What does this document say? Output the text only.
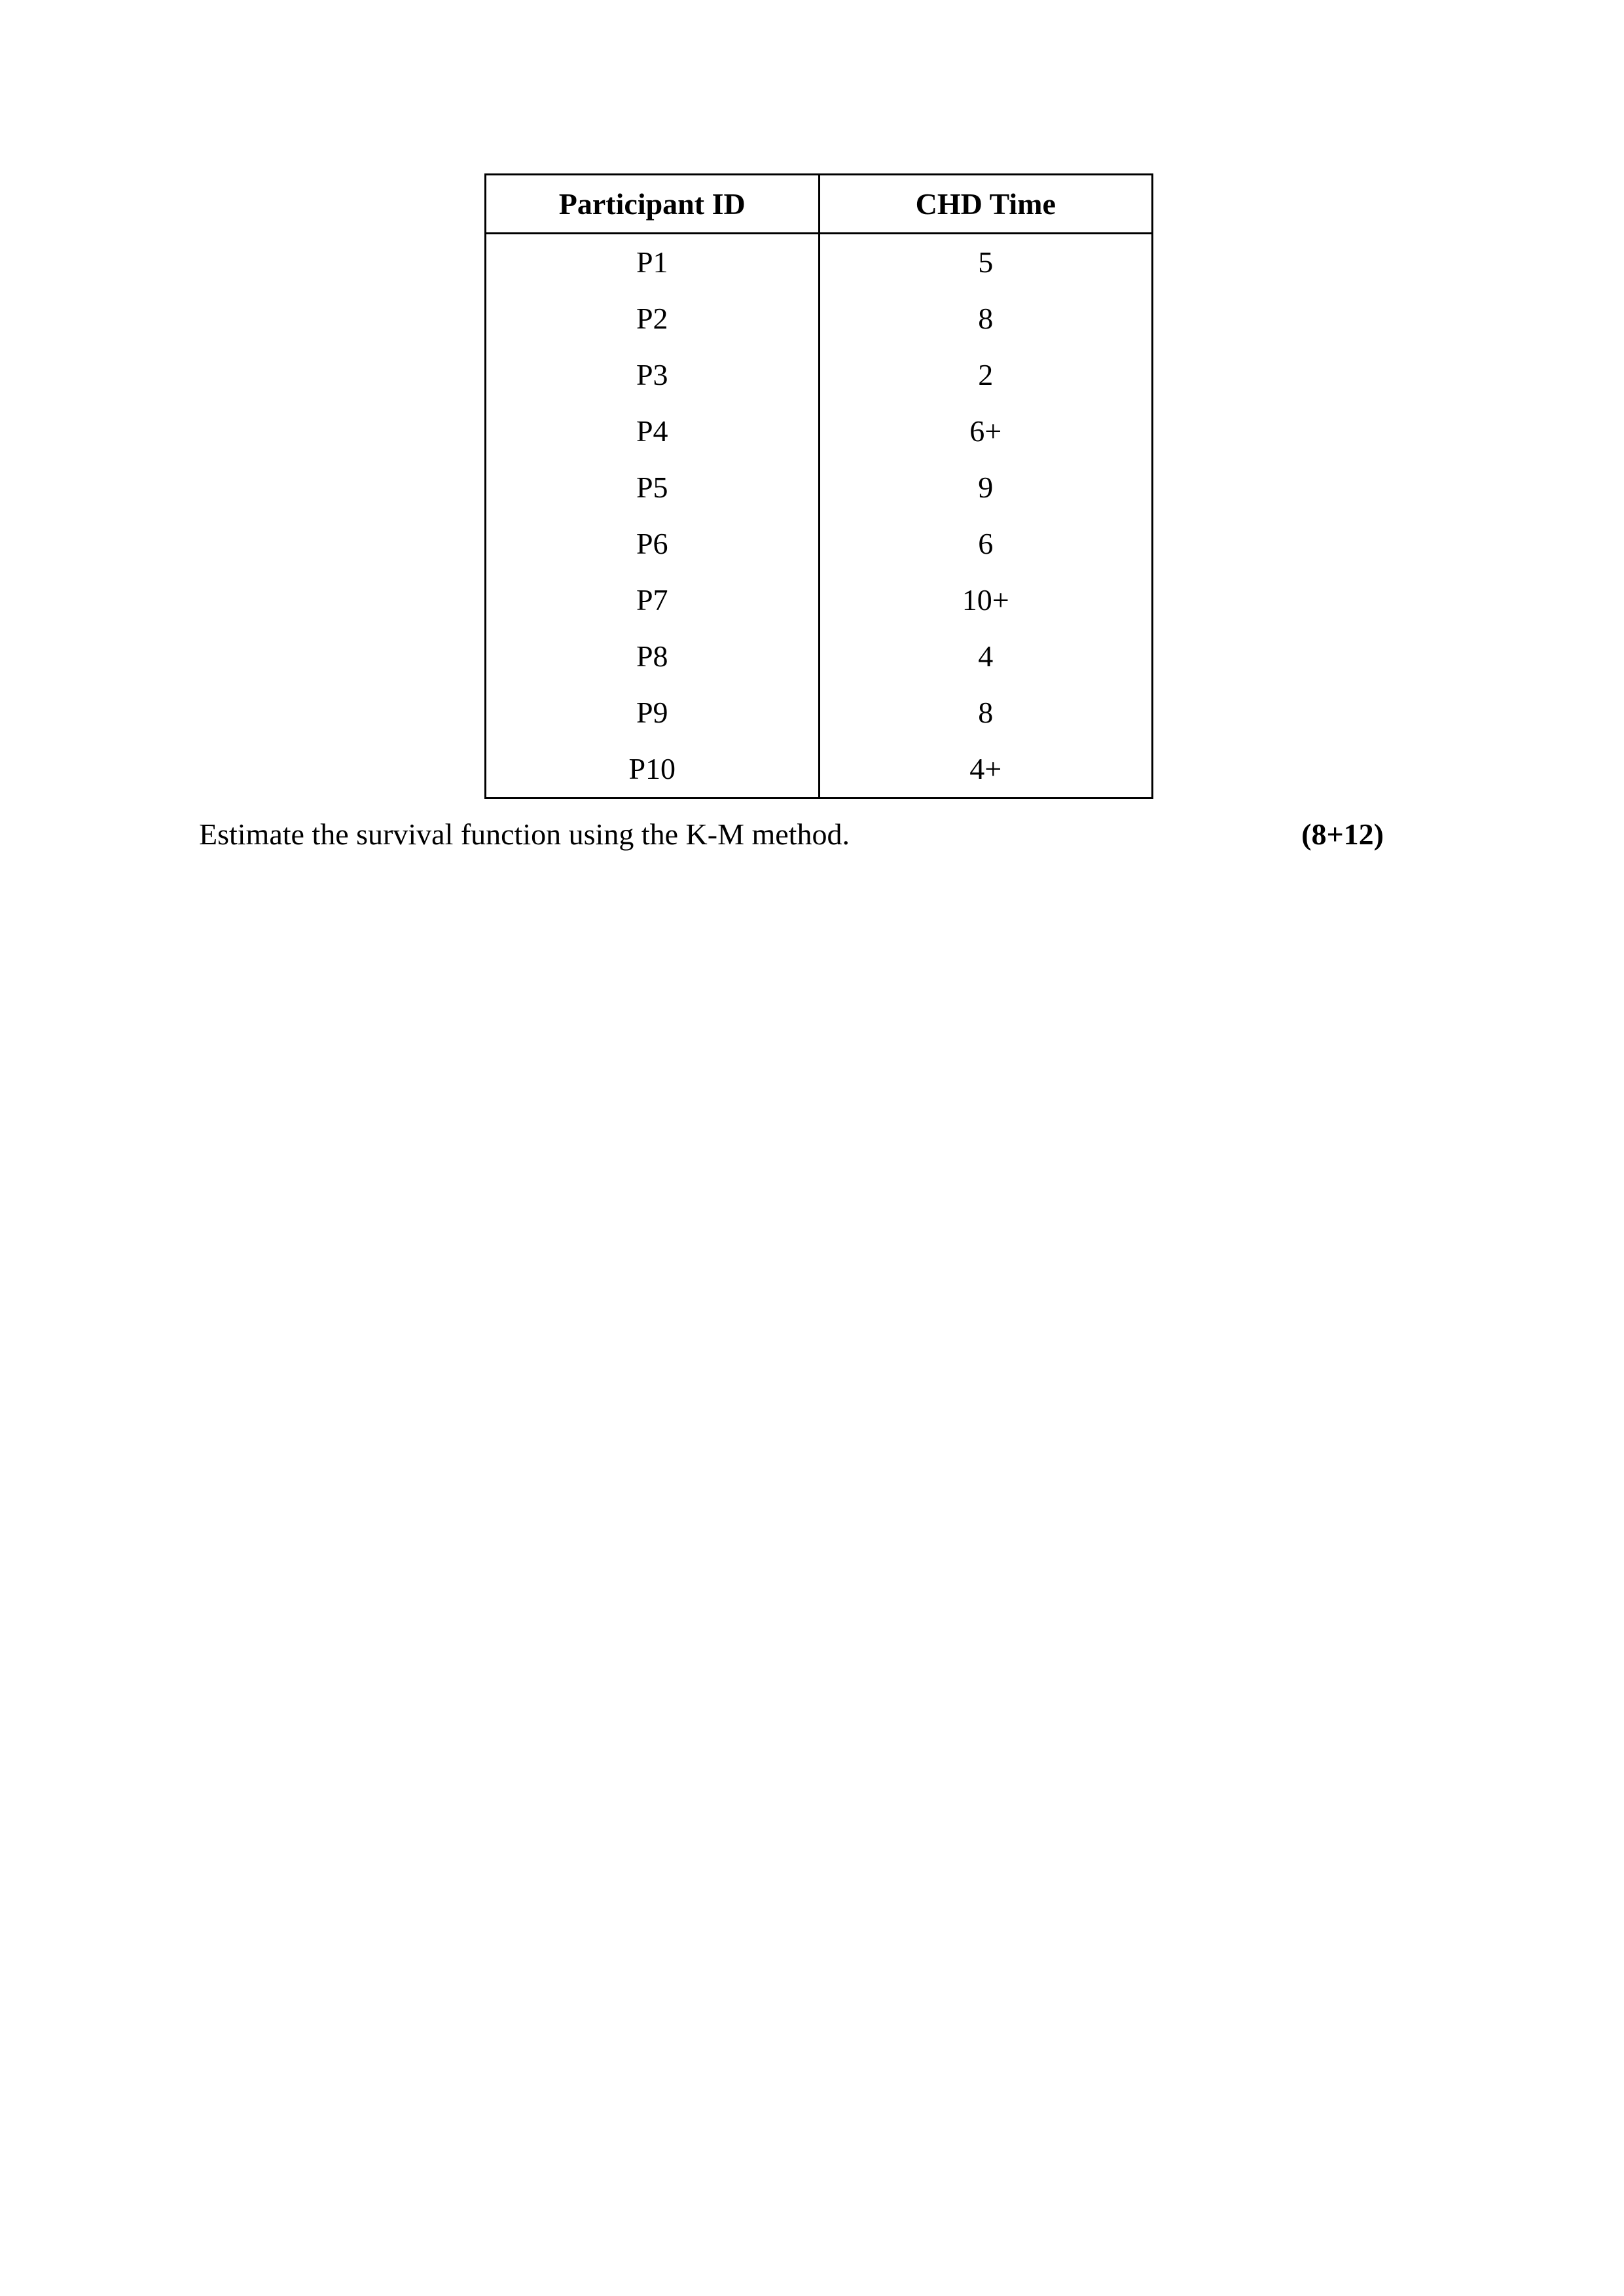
Participant ID	CHD Time
P1	5
P2	8
P3	2
P4	6+
P5	9
P6	6
P7	10+
P8	4
P9	8
P10	4+
Estimate the survival function using the K-M method.	(8+12)
